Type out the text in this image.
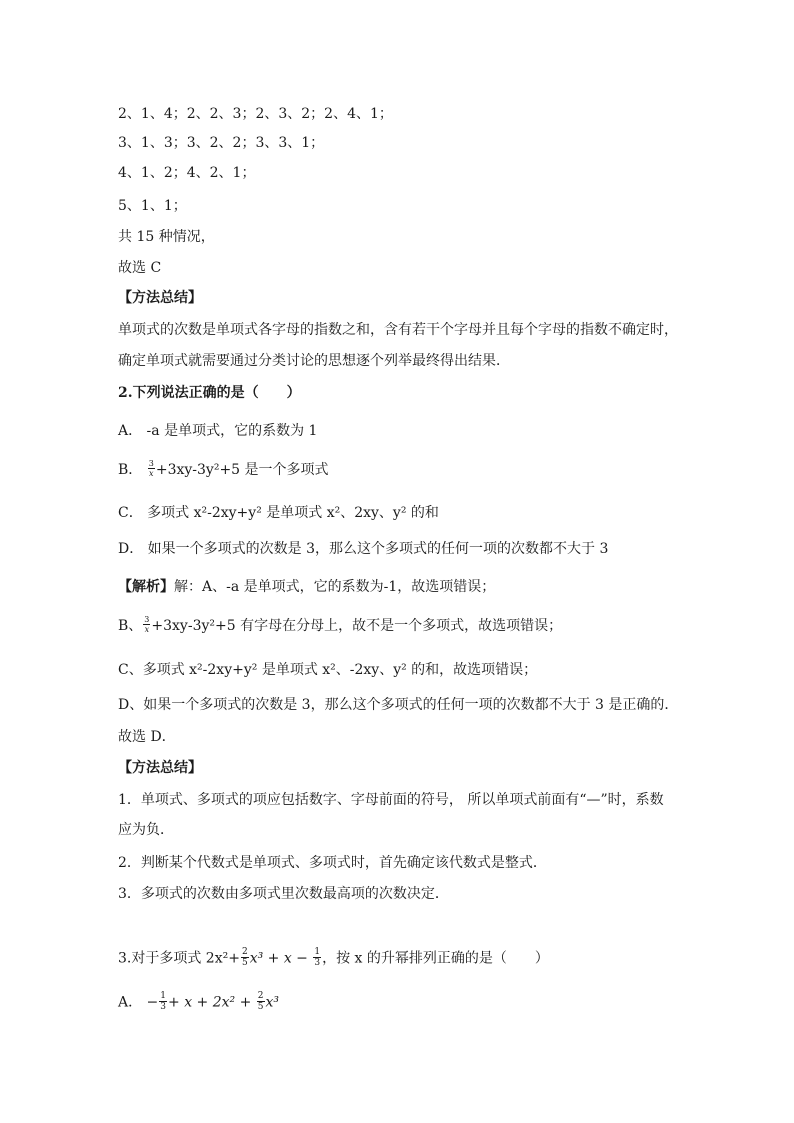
2、1、4；2、2、3；2、3、2；2、4、1；
3、1、3；3、2、2；3、3、1；
4、1、2；4、2、1；
5、1、1；
共 15 种情况，
故选 C
【方法总结】
单项式的次数是单项式各字母的指数之和，含有若干个字母并且每个字母的指数不确定时，
确定单项式就需要通过分类讨论的思想逐个列举最终得出结果．
2.下列说法正确的是（　　）
A． -a 是单项式，它的系数为 1
B． $\frac{3}{x} +3xy-3y^2+5$ 是一个多项式
C． 多项式 x²-2xy+y² 是单项式 x²、2xy、y² 的和
D． 如果一个多项式的次数是 3，那么这个多项式的任何一项的次数都不大于 3
【解析】解：A、-a 是单项式，它的系数为-1，故选项错误；
B、 $\frac{3}{x} +3xy-3y^2+5$ 有字母在分母上，故不是一个多项式，故选项错误；
C、多项式 x²-2xy+y² 是单项式 x²、-2xy、y² 的和，故选项错误；
D、如果一个多项式的次数是 3，那么这个多项式的任何一项的次数都不大于 3 是正确的．
故选 D．
【方法总结】
1．单项式、多项式的项应包括数字、字母前面的符号， 所以单项式前面有“—”时，系数
应为负．
2．判断某个代数式是单项式、多项式时，首先确定该代数式是整式．
3．多项式的次数由多项式里次数最高项的次数决定．
3.对于多项式 $2x^2+ \frac{2}{5} x^3 + x - \frac{1}{3}$ ，按 x 的升幂排列正确的是（　　）
A． − $\frac{1}{3} + x + 2x^2 + \frac{2}{5} x^3$
